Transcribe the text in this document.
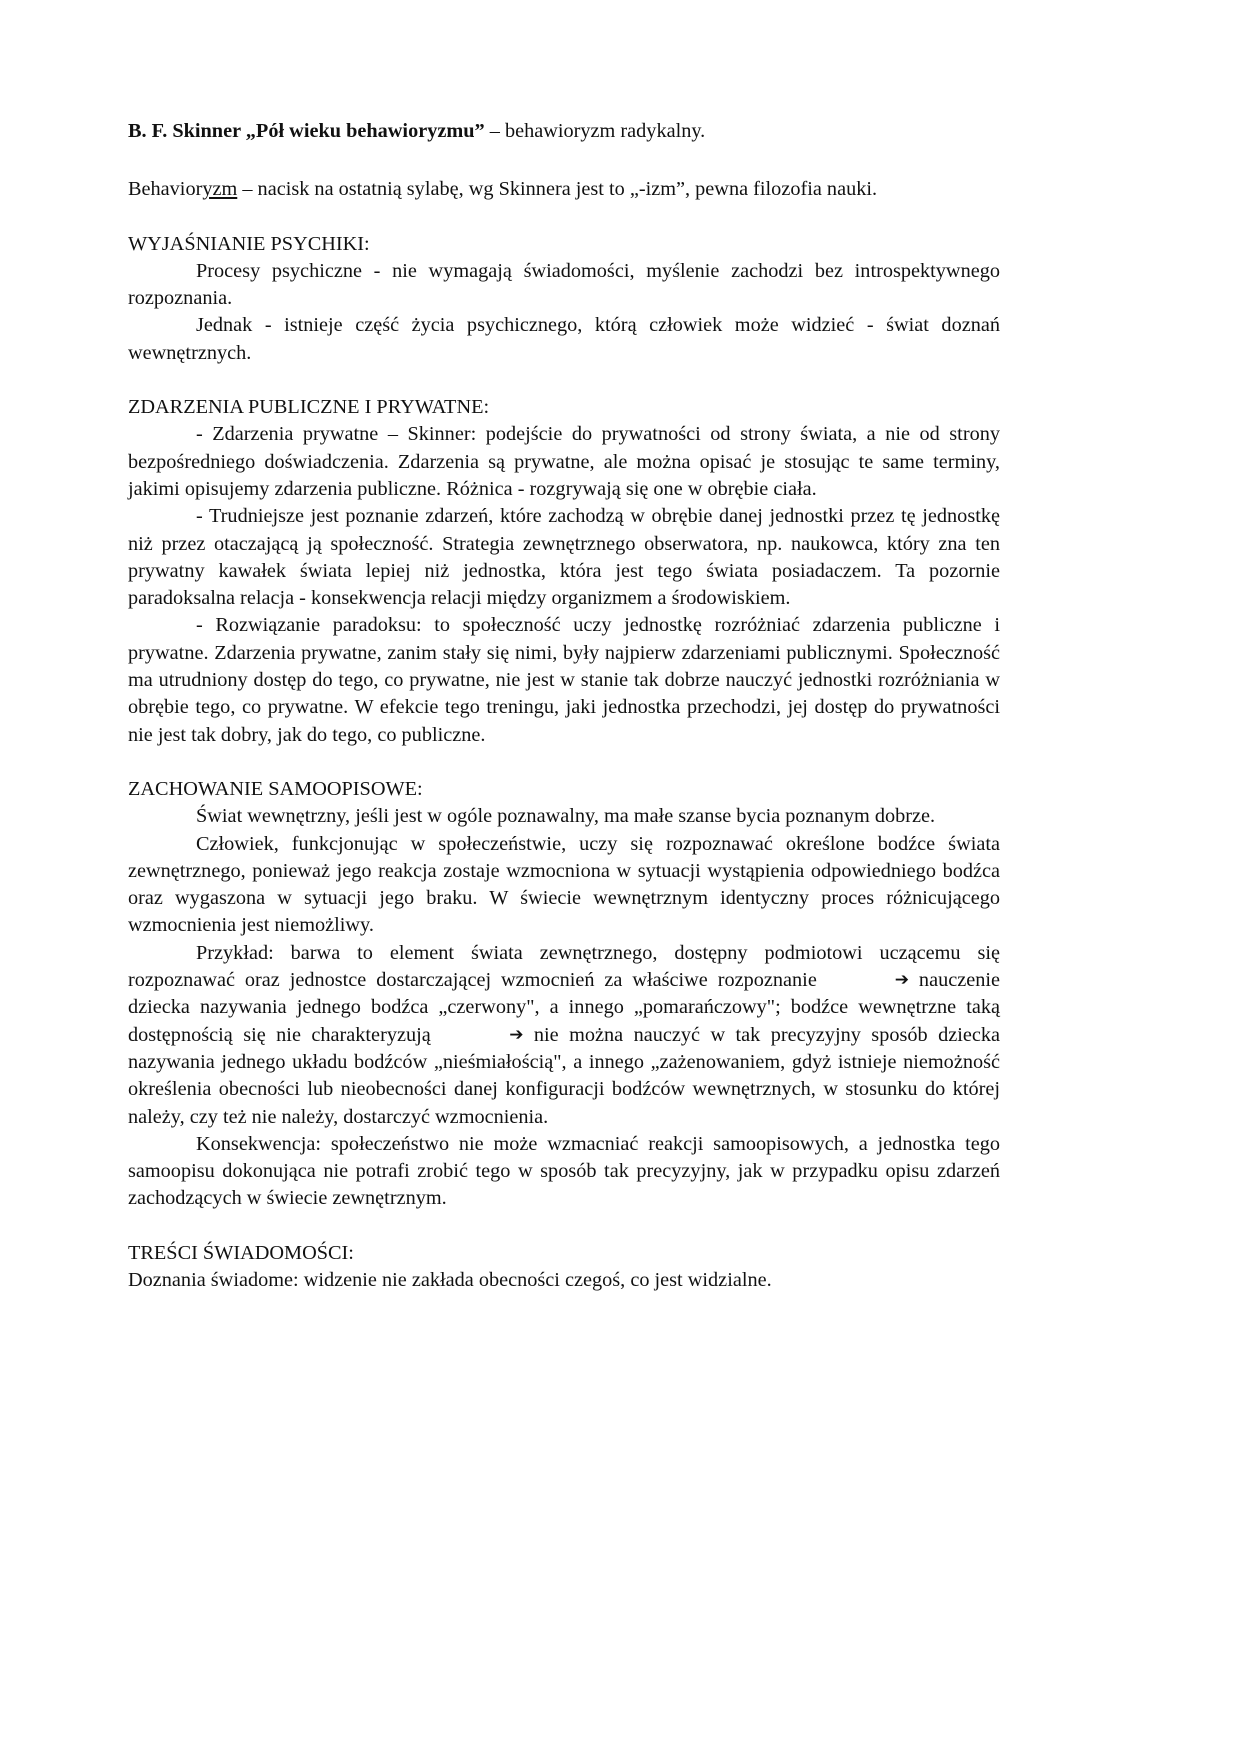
B. F. Skinner „Pół wieku behawioryzmu” – behawioryzm radykalny.
Behavioryzm – nacisk na ostatnią sylabę, wg Skinnera jest to „-izm”, pewna filozofia nauki.
WYJAŚNIANIE PSYCHIKI:

Procesy psychiczne - nie wymagają świadomości, myślenie zachodzi bez introspektywnego rozpoznania.

Jednak - istnieje część życia psychicznego, którą człowiek może widzieć - świat doznań wewnętrznych.

ZDARZENIA PUBLICZNE I PRYWATNE:

- Zdarzenia prywatne – Skinner: podejście do prywatności od strony świata, a nie od strony bezpośredniego doświadczenia. Zdarzenia są prywatne, ale można opisać je stosując te same terminy, jakimi opisujemy zdarzenia publiczne. Różnica - rozgrywają się one w obrębie ciała.

- Trudniejsze jest poznanie zdarzeń, które zachodzą w obrębie danej jednostki przez tę jednostkę niż przez otaczającą ją społeczność. Strategia zewnętrznego obserwatora, np. naukowca, który zna ten prywatny kawałek świata lepiej niż jednostka, która jest tego świata posiadaczem. Ta pozornie paradoksalna relacja - konsekwencja relacji między organizmem a środowiskiem.

- Rozwiązanie paradoksu: to społeczność uczy jednostkę rozróżniać zdarzenia publiczne i prywatne. Zdarzenia prywatne, zanim stały się nimi, były najpierw zdarzeniami publicznymi. Społeczność ma utrudniony dostęp do tego, co prywatne, nie jest w stanie tak dobrze nauczyć jednostki rozróżniania w obrębie tego, co prywatne. W efekcie tego treningu, jaki jednostka przechodzi, jej dostęp do prywatności nie jest tak dobry, jak do tego, co publiczne.

ZACHOWANIE SAMOOPISOWE:

Świat wewnętrzny, jeśli jest w ogóle poznawalny, ma małe szanse bycia poznanym dobrze.

Człowiek, funkcjonując w społeczeństwie, uczy się rozpoznawać określone bodźce świata zewnętrznego, ponieważ jego reakcja zostaje wzmocniona w sytuacji wystąpienia odpowiedniego bodźca oraz wygaszona w sytuacji jego braku. W świecie wewnętrznym identyczny proces różnicującego wzmocnienia jest niemożliwy.

Przykład: barwa to element świata zewnętrznego, dostępny podmiotowi uczącemu się rozpoznawać oraz jednostce dostarczającej wzmocnień za właściwe rozpoznanie	➔ nauczenie dziecka nazywania jednego bodźca „czerwony", a innego „pomarańczowy"; bodźce wewnętrzne taką dostępnością się nie charakteryzują	➔ nie można nauczyć w tak precyzyjny sposób dziecka nazywania jednego układu bodźców „nieśmiałością", a innego „zażenowaniem, gdyż istnieje niemożność określenia obecności lub nieobecności danej konfiguracji bodźców wewnętrznych, w stosunku do której należy, czy też nie należy, dostarczyć wzmocnienia.

Konsekwencja: społeczeństwo nie może wzmacniać reakcji samoopisowych, a jednostka tego samoopisu dokonująca nie potrafi zrobić tego w sposób tak precyzyjny, jak w przypadku opisu zdarzeń zachodzących w świecie zewnętrznym.

TREŚCI ŚWIADOMOŚCI:

Doznania świadome: widzenie nie zakłada obecności czegoś, co jest widzialne.
